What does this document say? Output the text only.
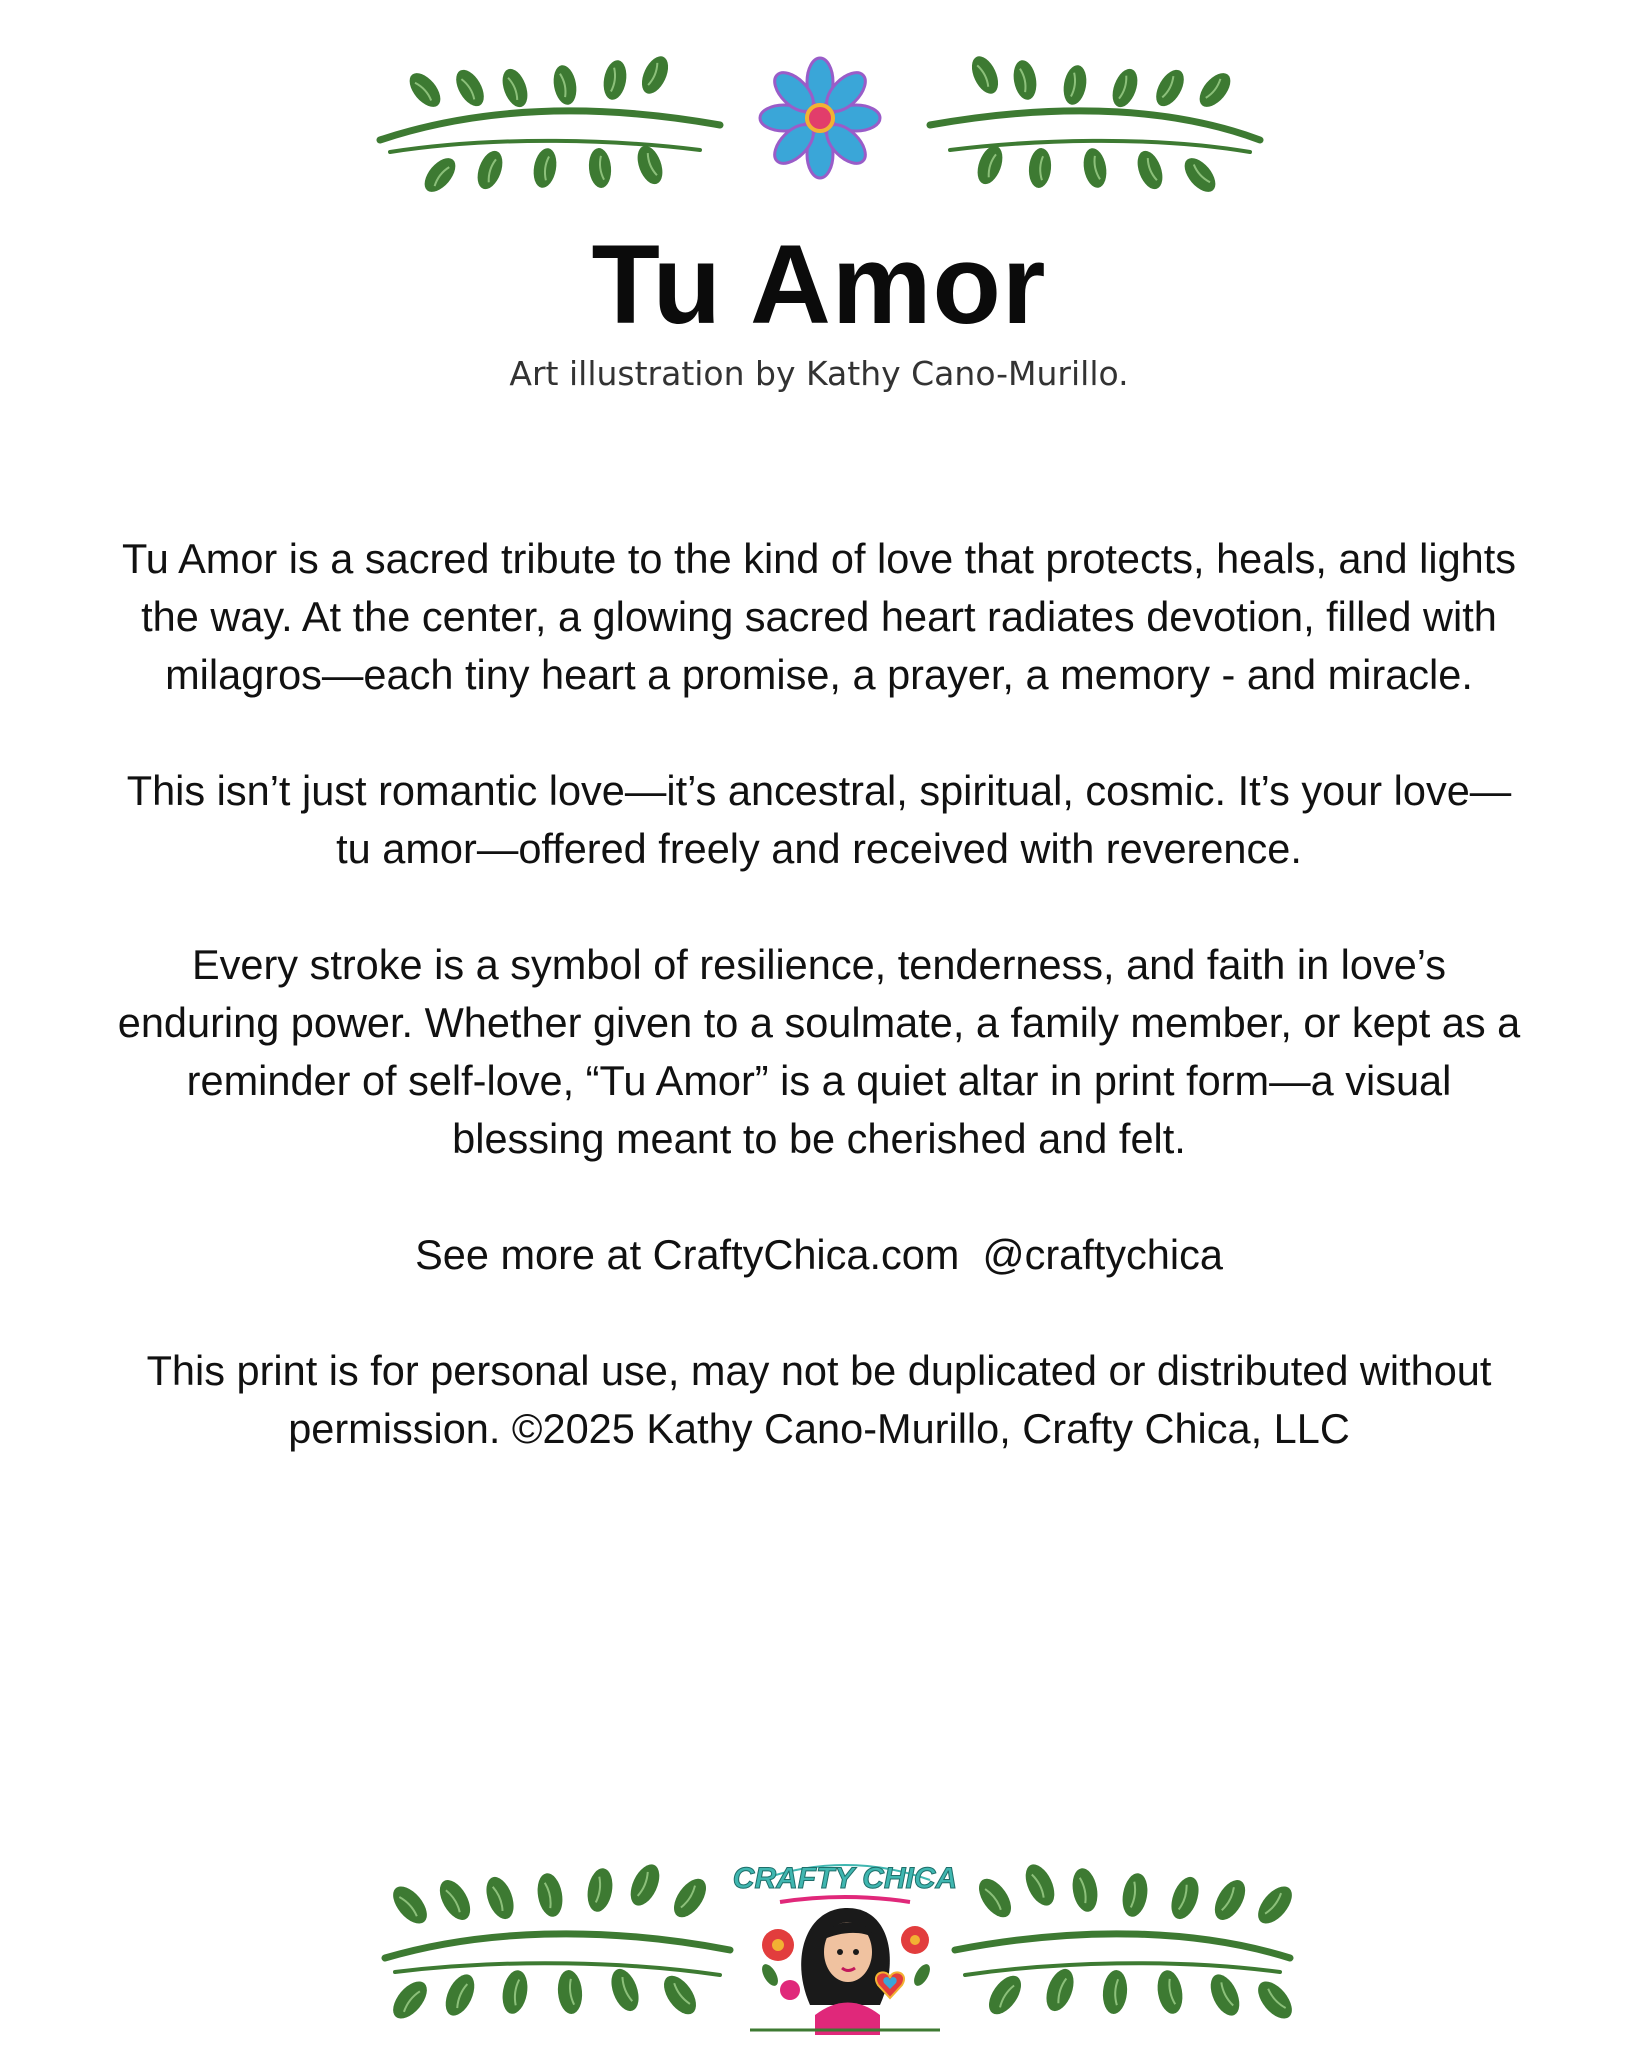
Tu Amor
Art illustration by Kathy Cano-Murillo.

Tu Amor is a sacred tribute to the kind of love that protects, heals, and lights the way. At the center, a glowing sacred heart radiates devotion, filled with milagros—each tiny heart a promise, a prayer, a memory - and miracle.

This isn’t just romantic love—it’s ancestral, spiritual, cosmic. It’s your love—tu amor—offered freely and received with reverence.

Every stroke is a symbol of resilience, tenderness, and faith in love’s enduring power. Whether given to a soulmate, a family member, or kept as a reminder of self-love, “Tu Amor” is a quiet altar in print form—a visual blessing meant to be cherished and felt.

See more at CraftyChica.com  @craftychica

This print is for personal use, may not be duplicated or distributed without permission. ©2025 Kathy Cano-Murillo, Crafty Chica, LLC

CRAFTY CHICA
